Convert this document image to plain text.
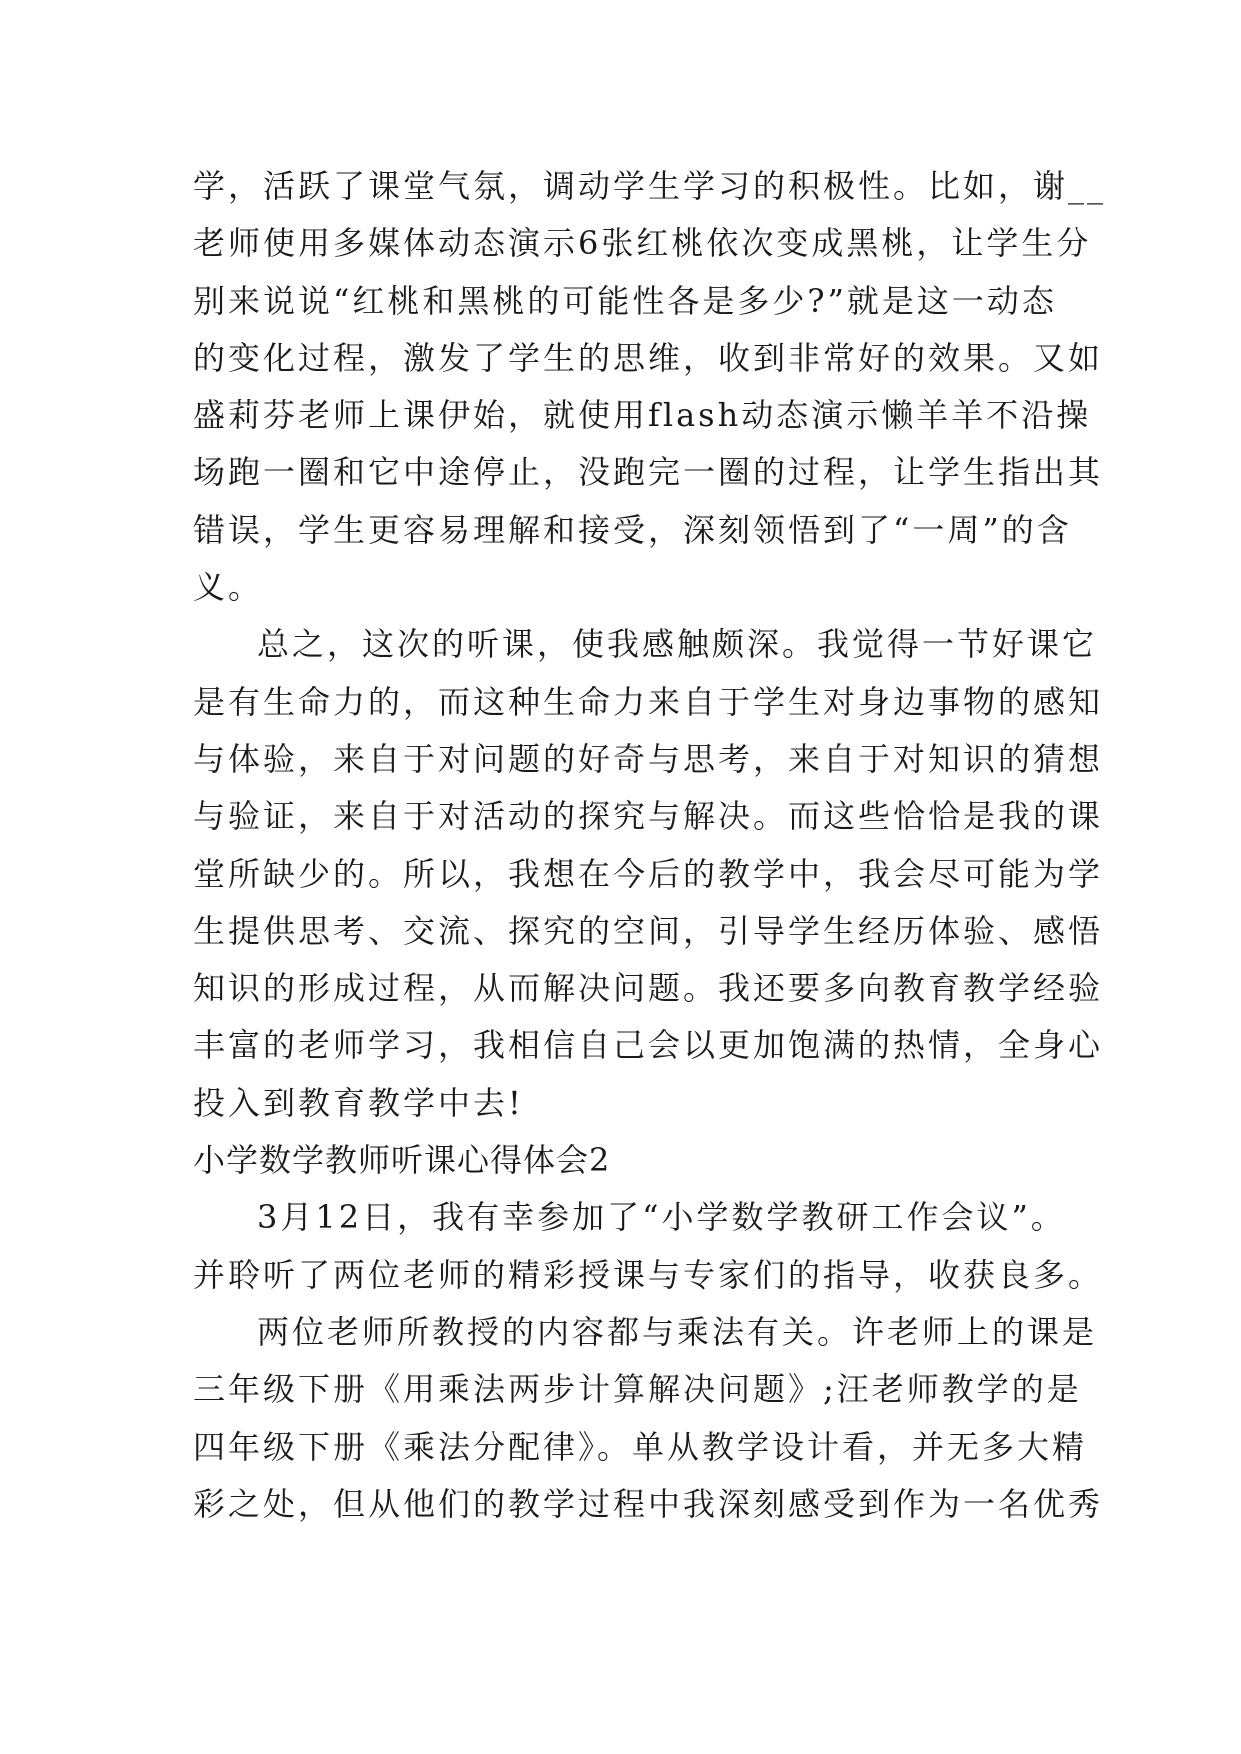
学，活跃了课堂气氛，调动学生学习的积极性。比如，谢__
老师使用多媒体动态演示6张红桃依次变成黑桃，让学生分
别来说说“红桃和黑桃的可能性各是多少?”就是这一动态
的变化过程，激发了学生的思维，收到非常好的效果。又如
盛莉芬老师上课伊始，就使用flash动态演示懒羊羊不沿操
场跑一圈和它中途停止，没跑完一圈的过程，让学生指出其
错误，学生更容易理解和接受，深刻领悟到了“一周”的含
义。
总之，这次的听课，使我感触颇深。我觉得一节好课它
是有生命力的，而这种生命力来自于学生对身边事物的感知
与体验，来自于对问题的好奇与思考，来自于对知识的猜想
与验证，来自于对活动的探究与解决。而这些恰恰是我的课
堂所缺少的。所以，我想在今后的教学中，我会尽可能为学
生提供思考、交流、探究的空间，引导学生经历体验、感悟
知识的形成过程，从而解决问题。我还要多向教育教学经验
丰富的老师学习，我相信自己会以更加饱满的热情，全身心
投入到教育教学中去!
小学数学教师听课心得体会2
3月12日，我有幸参加了“小学数学教研工作会议”。
并聆听了两位老师的精彩授课与专家们的指导，收获良多。
两位老师所教授的内容都与乘法有关。许老师上的课是
三年级下册《用乘法两步计算解决问题》;汪老师教学的是
四年级下册《乘法分配律》。单从教学设计看，并无多大精
彩之处，但从他们的教学过程中我深刻感受到作为一名优秀
